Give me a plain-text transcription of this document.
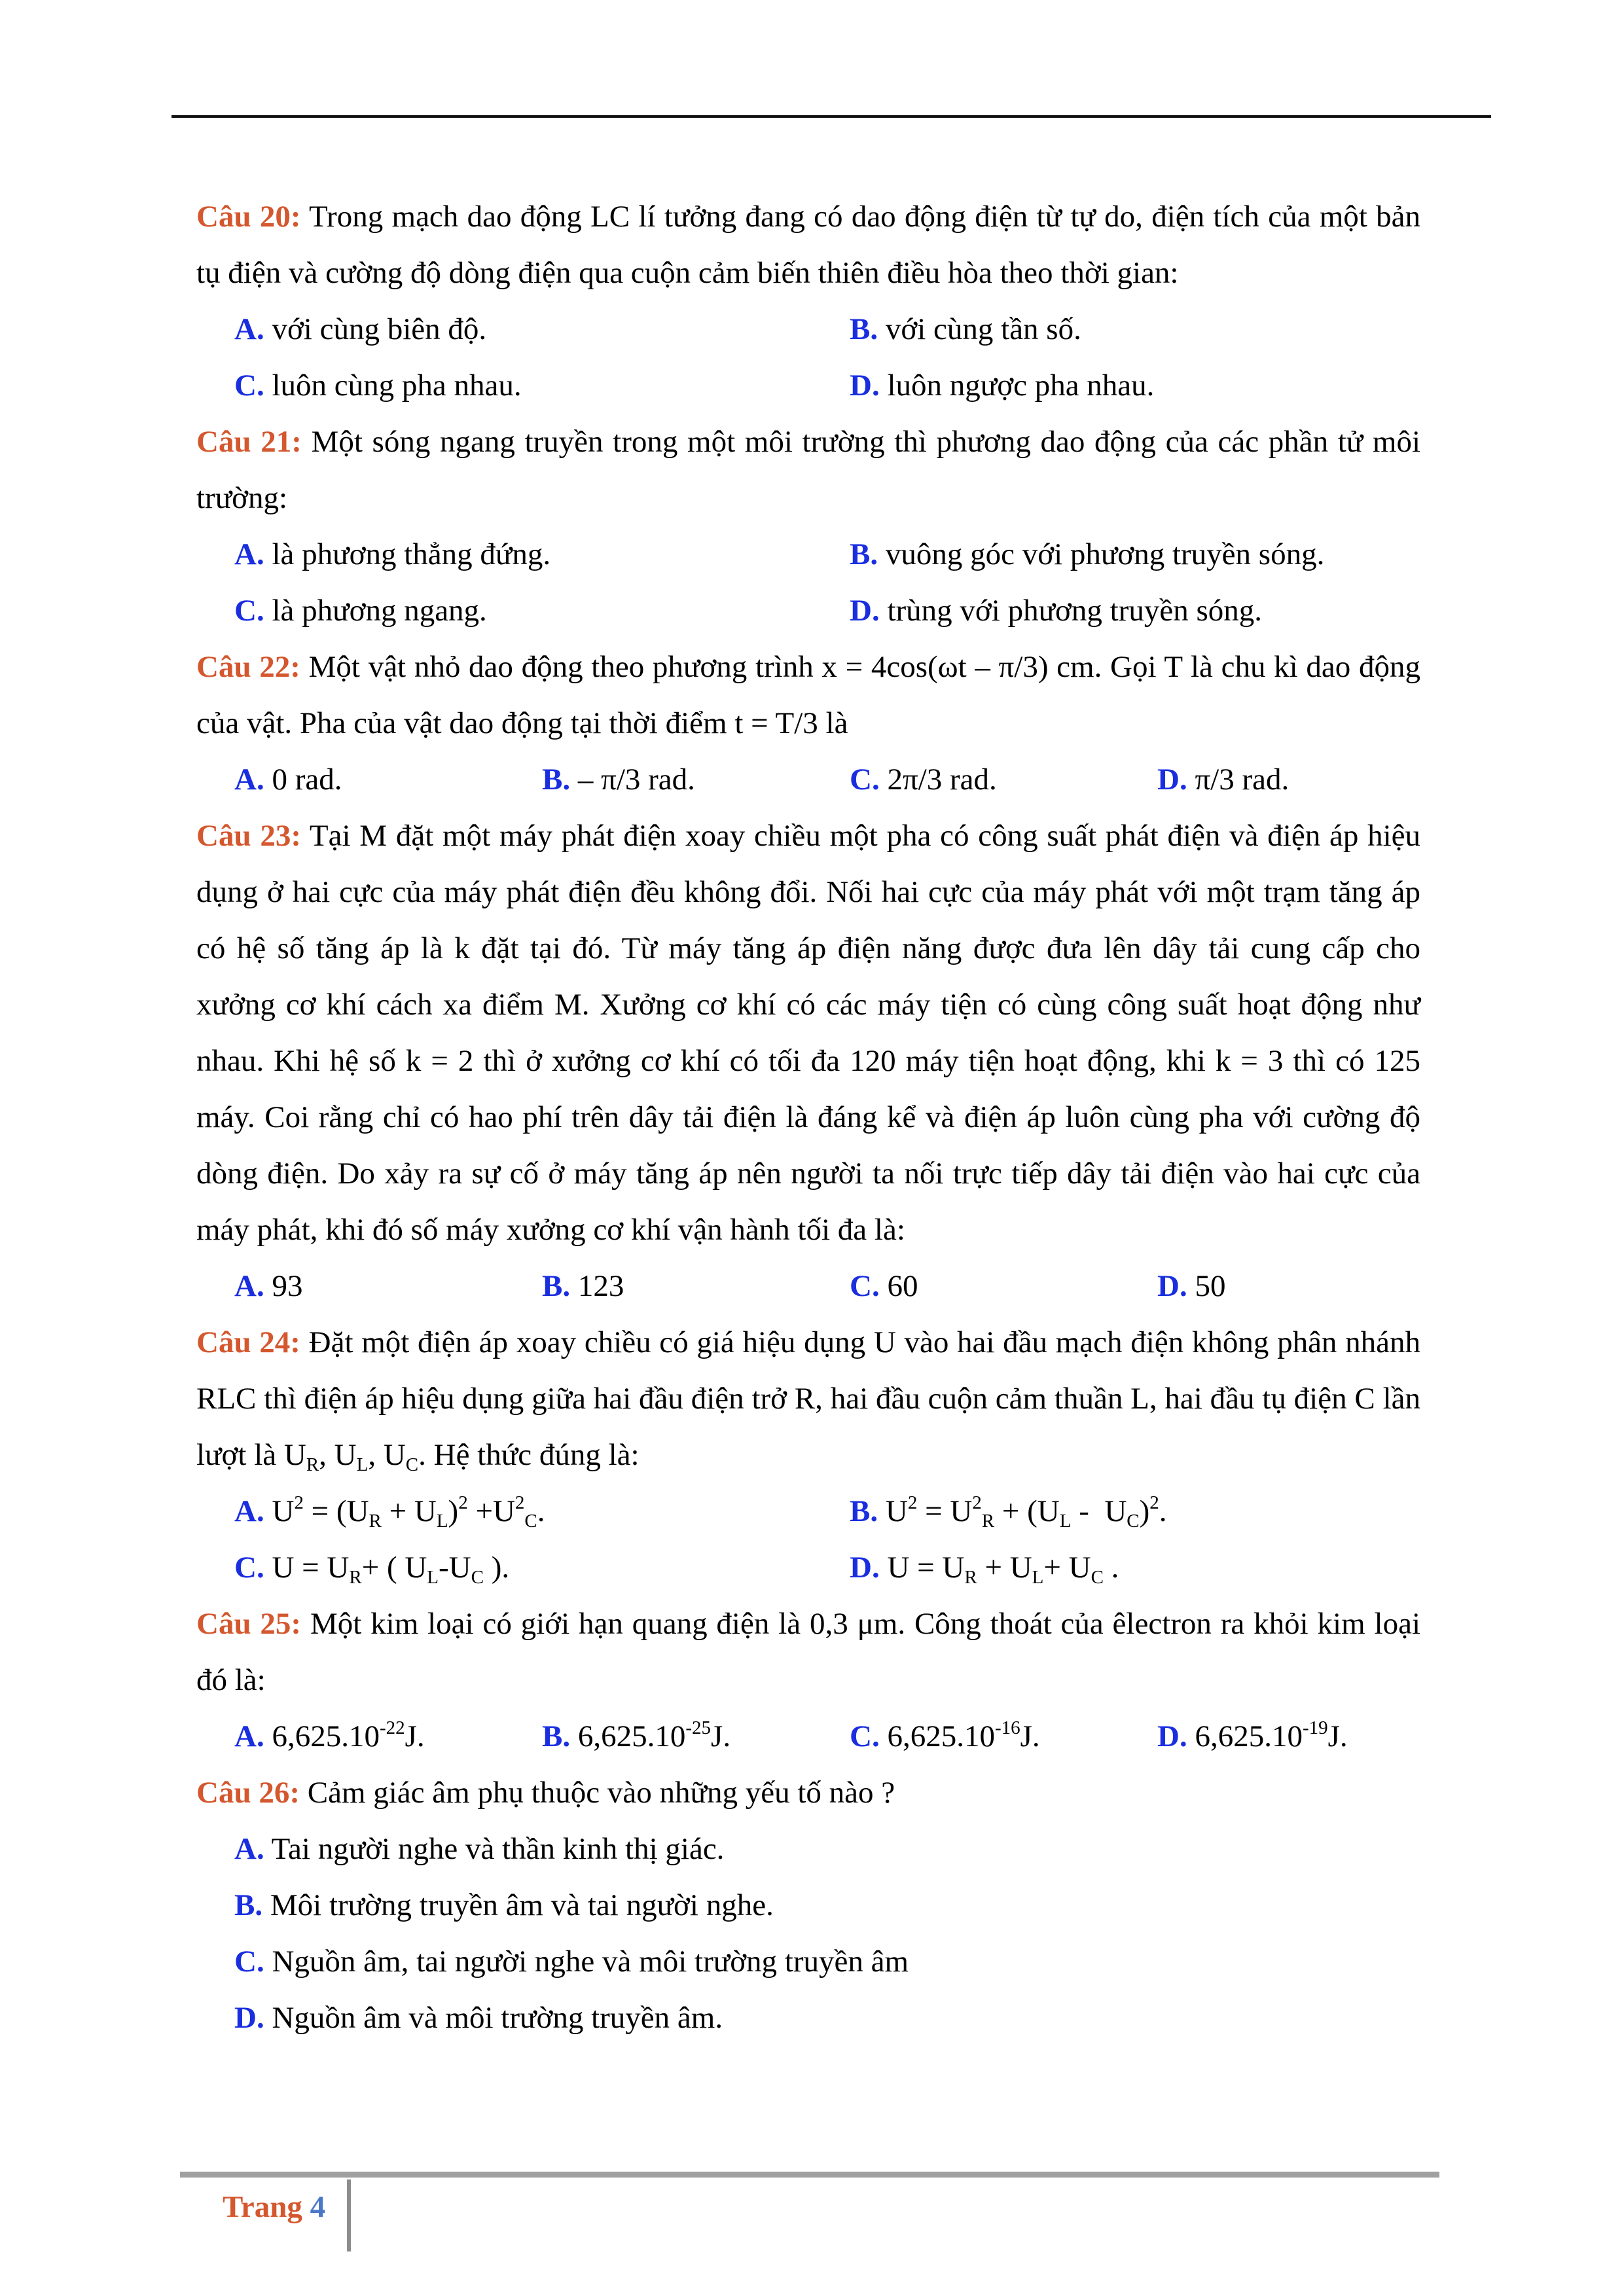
Câu 20: Trong mạch dao động LC lí tưởng đang có dao động điện từ tự do, điện tích của một bản tụ điện và cường độ dòng điện qua cuộn cảm biến thiên điều hòa theo thời gian:

A. với cùng biên độ.	B. với cùng tần số.
C. luôn cùng pha nhau.	D. luôn ngược pha nhau.

Câu 21: Một sóng ngang truyền trong một môi trường thì phương dao động của các phần tử môi trường:

A. là phương thẳng đứng.	B. vuông góc với phương truyền sóng.
C. là phương ngang.	D. trùng với phương truyền sóng.

Câu 22: Một vật nhỏ dao động theo phương trình x = 4cos(ωt – π/3) cm. Gọi T là chu kì dao động của vật. Pha của vật dao động tại thời điểm t = T/3 là

A. 0 rad.	B. – π/3 rad.	C. 2π/3 rad.	D. π/3 rad.

Câu 23: Tại M đặt một máy phát điện xoay chiều một pha có công suất phát điện và điện áp hiệu dụng ở hai cực của máy phát điện đều không đổi. Nối hai cực của máy phát với một trạm tăng áp có hệ số tăng áp là k đặt tại đó. Từ máy tăng áp điện năng được đưa lên dây tải cung cấp cho xưởng cơ khí cách xa điểm M. Xưởng cơ khí có các máy tiện có cùng công suất hoạt động như nhau. Khi hệ số k = 2 thì ở xưởng cơ khí có tối đa 120 máy tiện hoạt động, khi k = 3 thì có 125 máy. Coi rằng chỉ có hao phí trên dây tải điện là đáng kể và điện áp luôn cùng pha với cường độ dòng điện. Do xảy ra sự cố ở máy tăng áp nên người ta nối trực tiếp dây tải điện vào hai cực của máy phát, khi đó số máy xưởng cơ khí vận hành tối đa là:

A. 93	B. 123	C. 60	D. 50

Câu 24: Đặt một điện áp xoay chiều có giá hiệu dụng U vào hai đầu mạch điện không phân nhánh RLC thì điện áp hiệu dụng giữa hai đầu điện trở R, hai đầu cuộn cảm thuần L, hai đầu tụ điện C lần lượt là $U_R$, $U_L$, $U_C$. Hệ thức đúng là:

A. $U^2 = (U_R + U_L)^2 +U^2_C$.	B. $U^2 = U^2_R + (U_L - U_C)^2$.
C. $U = U_R+$ ( $U_L-U_C$ ).	D. $U = U_R + U_L+ U_C$ .

Câu 25: Một kim loại có giới hạn quang điện là 0,3 μm. Công thoát của êlectron ra khỏi kim loại đó là:

A. $6,625.10^{-22}J$.	B. $6,625.10^{-25}J$.	C. $6,625.10^{-16}J$.	D. $6,625.10^{-19}J$.

Câu 26: Cảm giác âm phụ thuộc vào những yếu tố nào ?

A. Tai người nghe và thần kinh thị giác.
B. Môi trường truyền âm và tai người nghe.
C. Nguồn âm, tai người nghe và môi trường truyền âm
D. Nguồn âm và môi trường truyền âm.
Trang 4
